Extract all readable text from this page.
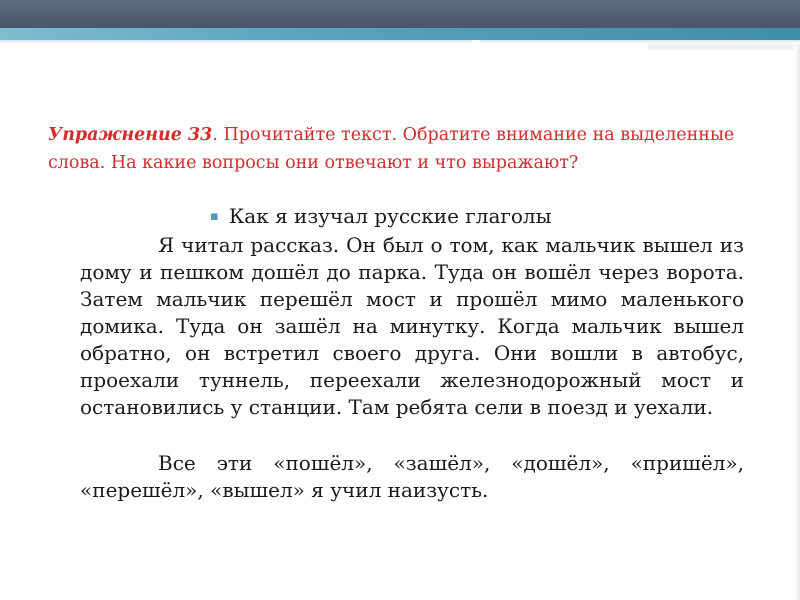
Упражнение 33. Прочитайте текст. Обратите внимание на выделенные слова. На какие вопросы они отвечают и что выражают?

▪ Как я изучал русские глаголы

Я читал рассказ. Он был о том, как мальчик вышел из дому и пешком дошёл до парка. Туда он вошёл через ворота. Затем мальчик перешёл мост и прошёл мимо маленького домика. Туда он зашёл на минутку. Когда мальчик вышел обратно, он встретил своего друга. Они вошли в автобус, проехали туннель, переехали железнодорожный мост и остановились у станции. Там ребята сели в поезд и уехали.

Все эти «пошёл», «зашёл», «дошёл», «пришёл», «перешёл», «вышел» я учил наизусть.
